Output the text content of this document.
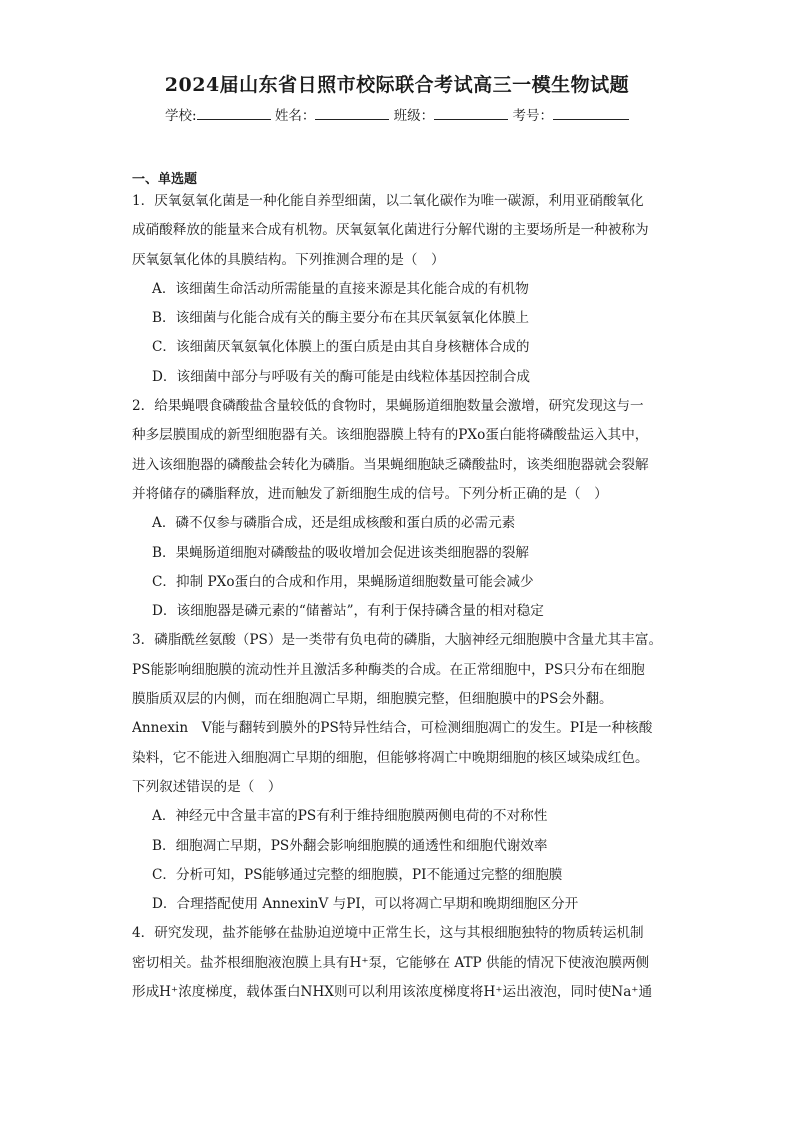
2024届山东省日照市校际联合考试高三一模生物试题
学校:	姓名：	班级：	考号：
一、单选题
1．厌氧氨氧化菌是一种化能自养型细菌，以二氧化碳作为唯一碳源，利用亚硝酸氧化
成硝酸释放的能量来合成有机物。厌氧氨氧化菌进行分解代谢的主要场所是一种被称为
厌氧氨氧化体的具膜结构。下列推测合理的是（　）
A．该细菌生命活动所需能量的直接来源是其化能合成的有机物
B．该细菌与化能合成有关的酶主要分布在其厌氧氨氧化体膜上
C．该细菌厌氧氨氧化体膜上的蛋白质是由其自身核糖体合成的
D．该细菌中部分与呼吸有关的酶可能是由线粒体基因控制合成
2．给果蝇喂食磷酸盐含量较低的食物时，果蝇肠道细胞数量会激增，研究发现这与一
种多层膜围成的新型细胞器有关。该细胞器膜上特有的PXo蛋白能将磷酸盐运入其中，
进入该细胞器的磷酸盐会转化为磷脂。当果蝇细胞缺乏磷酸盐时，该类细胞器就会裂解
并将储存的磷脂释放，进而触发了新细胞生成的信号。下列分析正确的是（　）
A．磷不仅参与磷脂合成，还是组成核酸和蛋白质的必需元素
B．果蝇肠道细胞对磷酸盐的吸收增加会促进该类细胞器的裂解
C．抑制 PXo蛋白的合成和作用，果蝇肠道细胞数量可能会减少
D．该细胞器是磷元素的“储蓄站”，有利于保持磷含量的相对稳定
3．磷脂酰丝氨酸（PS）是一类带有负电荷的磷脂，大脑神经元细胞膜中含量尤其丰富。
PS能影响细胞膜的流动性并且激活多种酶类的合成。在正常细胞中，PS只分布在细胞
膜脂质双层的内侧，而在细胞凋亡早期，细胞膜完整，但细胞膜中的PS会外翻。
Annexin　V能与翻转到膜外的PS特异性结合，可检测细胞凋亡的发生。PI是一种核酸
染料，它不能进入细胞凋亡早期的细胞，但能够将凋亡中晚期细胞的核区域染成红色。
下列叙述错误的是（　）
A．神经元中含量丰富的PS有利于维持细胞膜两侧电荷的不对称性
B．细胞凋亡早期，PS外翻会影响细胞膜的通透性和细胞代谢效率
C．分析可知，PS能够通过完整的细胞膜，PI不能通过完整的细胞膜
D．合理搭配使用 AnnexinV 与PI，可以将凋亡早期和晚期细胞区分开
4．研究发现，盐芥能够在盐胁迫逆境中正常生长，这与其根细胞独特的物质转运机制
密切相关。盐芥根细胞液泡膜上具有H⁺泵，它能够在 ATP 供能的情况下使液泡膜两侧
形成H⁺浓度梯度，载体蛋白NHX则可以利用该浓度梯度将H⁺运出液泡，同时使Na⁺通
